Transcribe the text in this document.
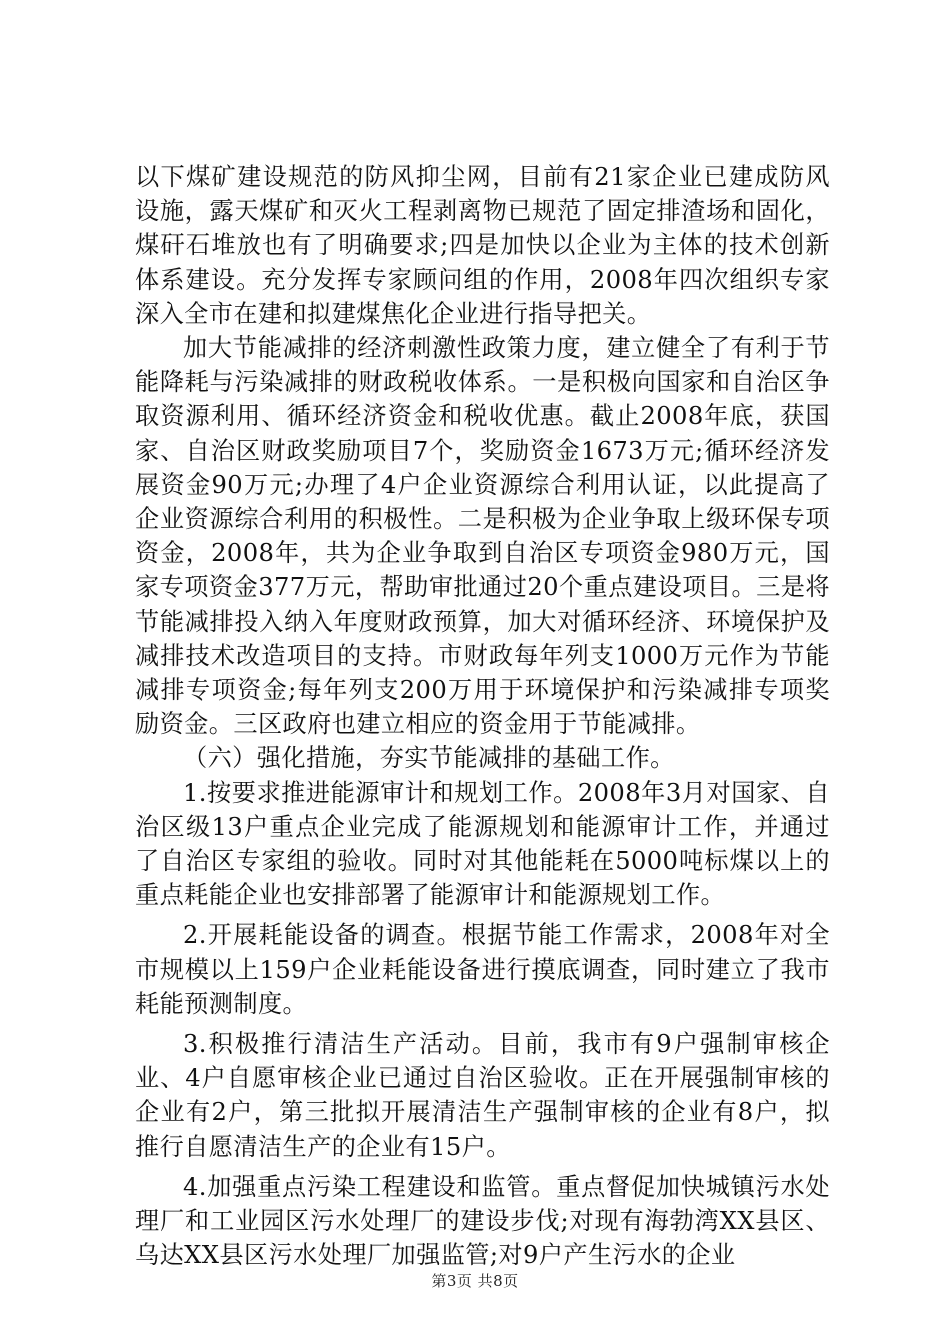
以下煤矿建设规范的防风抑尘网，目前有21家企业已建成防风设施，露天煤矿和灭火工程剥离物已规范了固定排渣场和固化，煤矸石堆放也有了明确要求;四是加快以企业为主体的技术创新体系建设。充分发挥专家顾问组的作用，2008年四次组织专家深入全市在建和拟建煤焦化企业进行指导把关。

加大节能减排的经济刺激性政策力度，建立健全了有利于节能降耗与污染减排的财政税收体系。一是积极向国家和自治区争取资源利用、循环经济资金和税收优惠。截止2008年底，获国家、自治区财政奖励项目7个，奖励资金1673万元;循环经济发展资金90万元;办理了4户企业资源综合利用认证，以此提高了企业资源综合利用的积极性。二是积极为企业争取上级环保专项资金，2008年，共为企业争取到自治区专项资金980万元，国家专项资金377万元，帮助审批通过20个重点建设项目。三是将节能减排投入纳入年度财政预算，加大对循环经济、环境保护及减排技术改造项目的支持。市财政每年列支1000万元作为节能减排专项资金;每年列支200万用于环境保护和污染减排专项奖励资金。三区政府也建立相应的资金用于节能减排。

（六）强化措施，夯实节能减排的基础工作。

1.按要求推进能源审计和规划工作。2008年3月对国家、自治区级13户重点企业完成了能源规划和能源审计工作，并通过了自治区专家组的验收。同时对其他能耗在5000吨标煤以上的重点耗能企业也安排部署了能源审计和能源规划工作。

2.开展耗能设备的调查。根据节能工作需求，2008年对全市规模以上159户企业耗能设备进行摸底调查，同时建立了我市耗能预测制度。

3.积极推行清洁生产活动。目前，我市有9户强制审核企业、4户自愿审核企业已通过自治区验收。正在开展强制审核的企业有2户，第三批拟开展清洁生产强制审核的企业有8户，拟推行自愿清洁生产的企业有15户。

4.加强重点污染工程建设和监管。重点督促加快城镇污水处理厂和工业园区污水处理厂的建设步伐;对现有海勃湾XX县区、乌达XX县区污水处理厂加强监管;对9户产生污水的企业

第3页 共8页
